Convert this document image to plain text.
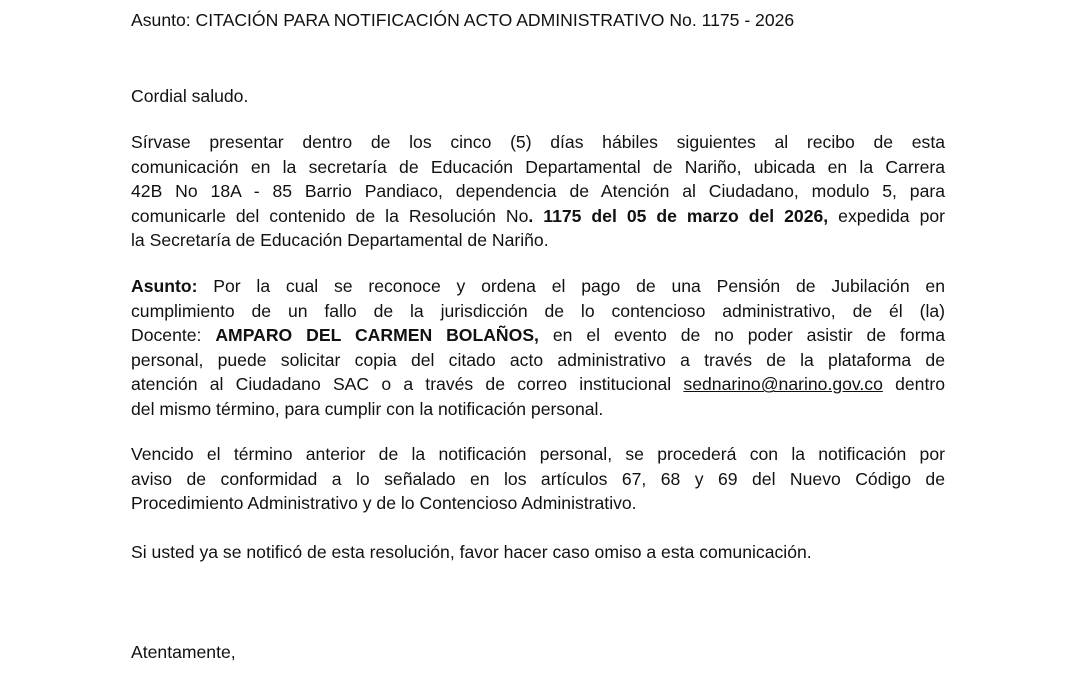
Asunto: CITACIÓN PARA NOTIFICACIÓN ACTO ADMINISTRATIVO No. 1175 - 2026
Cordial saludo.
Sírvase presentar dentro de los cinco (5) días hábiles siguientes al recibo de esta
comunicación en la secretaría de Educación Departamental de Nariño, ubicada en la Carrera
42B No 18A - 85 Barrio Pandiaco, dependencia de Atención al Ciudadano, modulo 5, para
comunicarle del contenido de la Resolución No. 1175 del 05 de marzo del 2026, expedida por
la Secretaría de Educación Departamental de Nariño.
Asunto: Por la cual se reconoce y ordena el pago de una Pensión de Jubilación en
cumplimiento de un fallo de la jurisdicción de lo contencioso administrativo, de él (la)
Docente: AMPARO DEL CARMEN BOLAÑOS, en el evento de no poder asistir de forma
personal, puede solicitar copia del citado acto administrativo a través de la plataforma de
atención al Ciudadano SAC o a través de correo institucional sednarino@narino.gov.co dentro
del mismo término, para cumplir con la notificación personal.
Vencido el término anterior de la notificación personal, se procederá con la notificación por
aviso de conformidad a lo señalado en los artículos 67, 68 y 69 del Nuevo Código de
Procedimiento Administrativo y de lo Contencioso Administrativo.
Si usted ya se notificó de esta resolución, favor hacer caso omiso a esta comunicación.
Atentamente,
